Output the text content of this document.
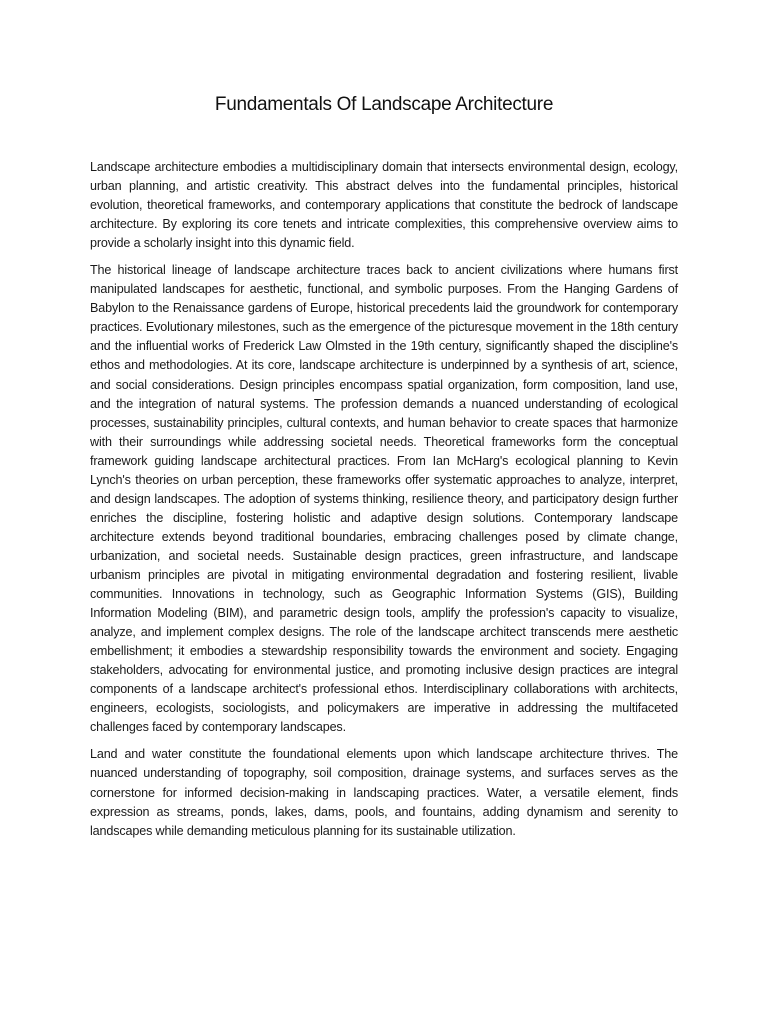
Fundamentals Of Landscape Architecture

Landscape architecture embodies a multidisciplinary domain that intersects environmental design, ecology, urban planning, and artistic creativity. This abstract delves into the fundamental principles, historical evolution, theoretical frameworks, and contemporary applications that constitute the bedrock of landscape architecture. By exploring its core tenets and intricate complexities, this comprehensive overview aims to provide a scholarly insight into this dynamic field.

The historical lineage of landscape architecture traces back to ancient civilizations where humans first manipulated landscapes for aesthetic, functional, and symbolic purposes. From the Hanging Gardens of Babylon to the Renaissance gardens of Europe, historical precedents laid the groundwork for contemporary practices. Evolutionary milestones, such as the emergence of the picturesque movement in the 18th century and the influential works of Frederick Law Olmsted in the 19th century, significantly shaped the discipline's ethos and methodologies. At its core, landscape architecture is underpinned by a synthesis of art, science, and social considerations. Design principles encompass spatial organization, form composition, land use, and the integration of natural systems. The profession demands a nuanced understanding of ecological processes, sustainability principles, cultural contexts, and human behavior to create spaces that harmonize with their surroundings while addressing societal needs. Theoretical frameworks form the conceptual framework guiding landscape architectural practices. From Ian McHarg's ecological planning to Kevin Lynch's theories on urban perception, these frameworks offer systematic approaches to analyze, interpret, and design landscapes. The adoption of systems thinking, resilience theory, and participatory design further enriches the discipline, fostering holistic and adaptive design solutions. Contemporary landscape architecture extends beyond traditional boundaries, embracing challenges posed by climate change, urbanization, and societal needs. Sustainable design practices, green infrastructure, and landscape urbanism principles are pivotal in mitigating environmental degradation and fostering resilient, livable communities. Innovations in technology, such as Geographic Information Systems (GIS), Building Information Modeling (BIM), and parametric design tools, amplify the profession's capacity to visualize, analyze, and implement complex designs. The role of the landscape architect transcends mere aesthetic embellishment; it embodies a stewardship responsibility towards the environment and society. Engaging stakeholders, advocating for environmental justice, and promoting inclusive design practices are integral components of a landscape architect's professional ethos. Interdisciplinary collaborations with architects, engineers, ecologists, sociologists, and policymakers are imperative in addressing the multifaceted challenges faced by contemporary landscapes.

Land and water constitute the foundational elements upon which landscape architecture thrives. The nuanced understanding of topography, soil composition, drainage systems, and surfaces serves as the cornerstone for informed decision-making in landscaping practices. Water, a versatile element, finds expression as streams, ponds, lakes, dams, pools, and fountains, adding dynamism and serenity to landscapes while demanding meticulous planning for its sustainable utilization.
